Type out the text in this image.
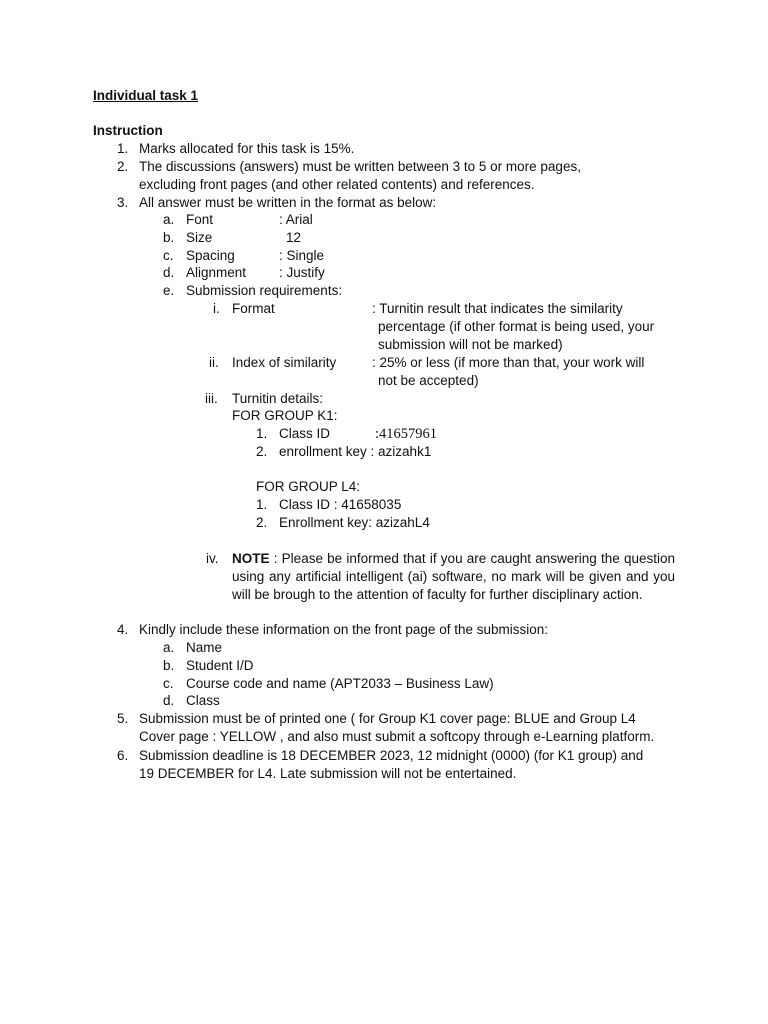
Individual task 1
Instruction
1. Marks allocated for this task is 15%.
2. The discussions (answers) must be written between 3 to 5 or more pages,
excluding front pages (and other related contents) and references.
3. All answer must be written in the format as below:
a. Font	: Arial
b. Size	12
c. Spacing	: Single
d. Alignment : Justify
e. Submission requirements:
i. Format	: Turnitin result that indicates the similarity
percentage (if other format is being used, your
submission will not be marked)
ii. Index of similarity	: 25% or less (if more than that, your work will
not be accepted)
iii. Turnitin details:
FOR GROUP K1:
1. Class ID	:41657961
2. enrollment key : azizahk1
FOR GROUP L4:
1. Class ID : 41658035
2. Enrollment key: azizahL4
iv. NOTE : Please be informed that if you are caught answering the question using any artificial intelligent (ai) software, no mark will be given and you will be brough to the attention of faculty for further disciplinary action.
4. Kindly include these information on the front page of the submission:
a. Name
b. Student I/D
c. Course code and name (APT2033 – Business Law)
d. Class
5. Submission must be of printed one ( for Group K1 cover page: BLUE and Group L4
Cover page : YELLOW , and also must submit a softcopy through e-Learning platform.
6. Submission deadline is 18 DECEMBER 2023, 12 midnight (0000) (for K1 group) and
19 DECEMBER for L4. Late submission will not be entertained.
